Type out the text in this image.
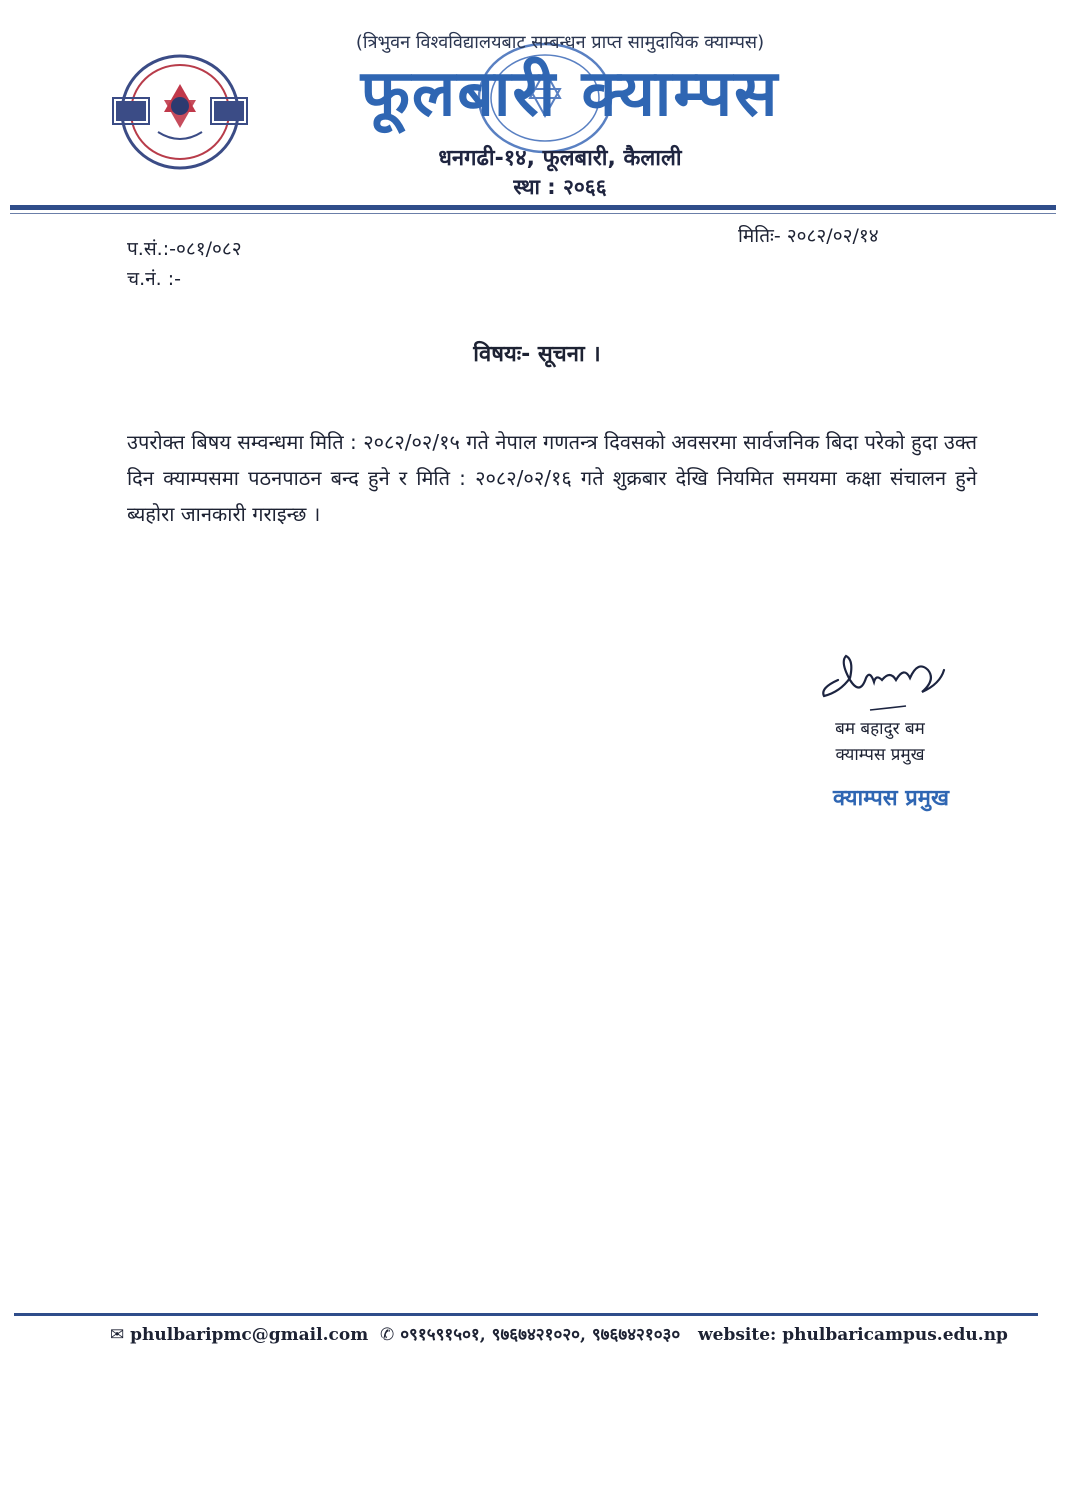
(त्रिभुवन विश्वविद्यालयबाट सम्बन्धन प्राप्त सामुदायिक क्याम्पस)
फूलबारी क्याम्पस
धनगढी-१४, फूलबारी, कैलाली
स्था : २०६६
प.सं.:-०८१/०८२
च.नं. :-
मितिः- २०८२/०२/१४
विषयः- सूचना ।
उपरोक्त बिषय सम्वन्धमा मिति : २०८२/०२/१५ गते नेपाल गणतन्त्र दिवसको अवसरमा सार्वजनिक बिदा परेको हुदा उक्त दिन क्याम्पसमा पठनपाठन बन्द हुने र मिति : २०८२/०२/१६ गते शुक्रबार देखि नियमित समयमा कक्षा संचालन हुने ब्यहोरा जानकारी गराइन्छ ।
बम बहादुर बम
क्याम्पस प्रमुख
क्याम्पस प्रमुख
✉ phulbaripmc@gmail.com ✆ ०९१५९१५०१, ९७६७४२१०२०, ९७६७४२१०३० website: phulbaricampus.edu.np
